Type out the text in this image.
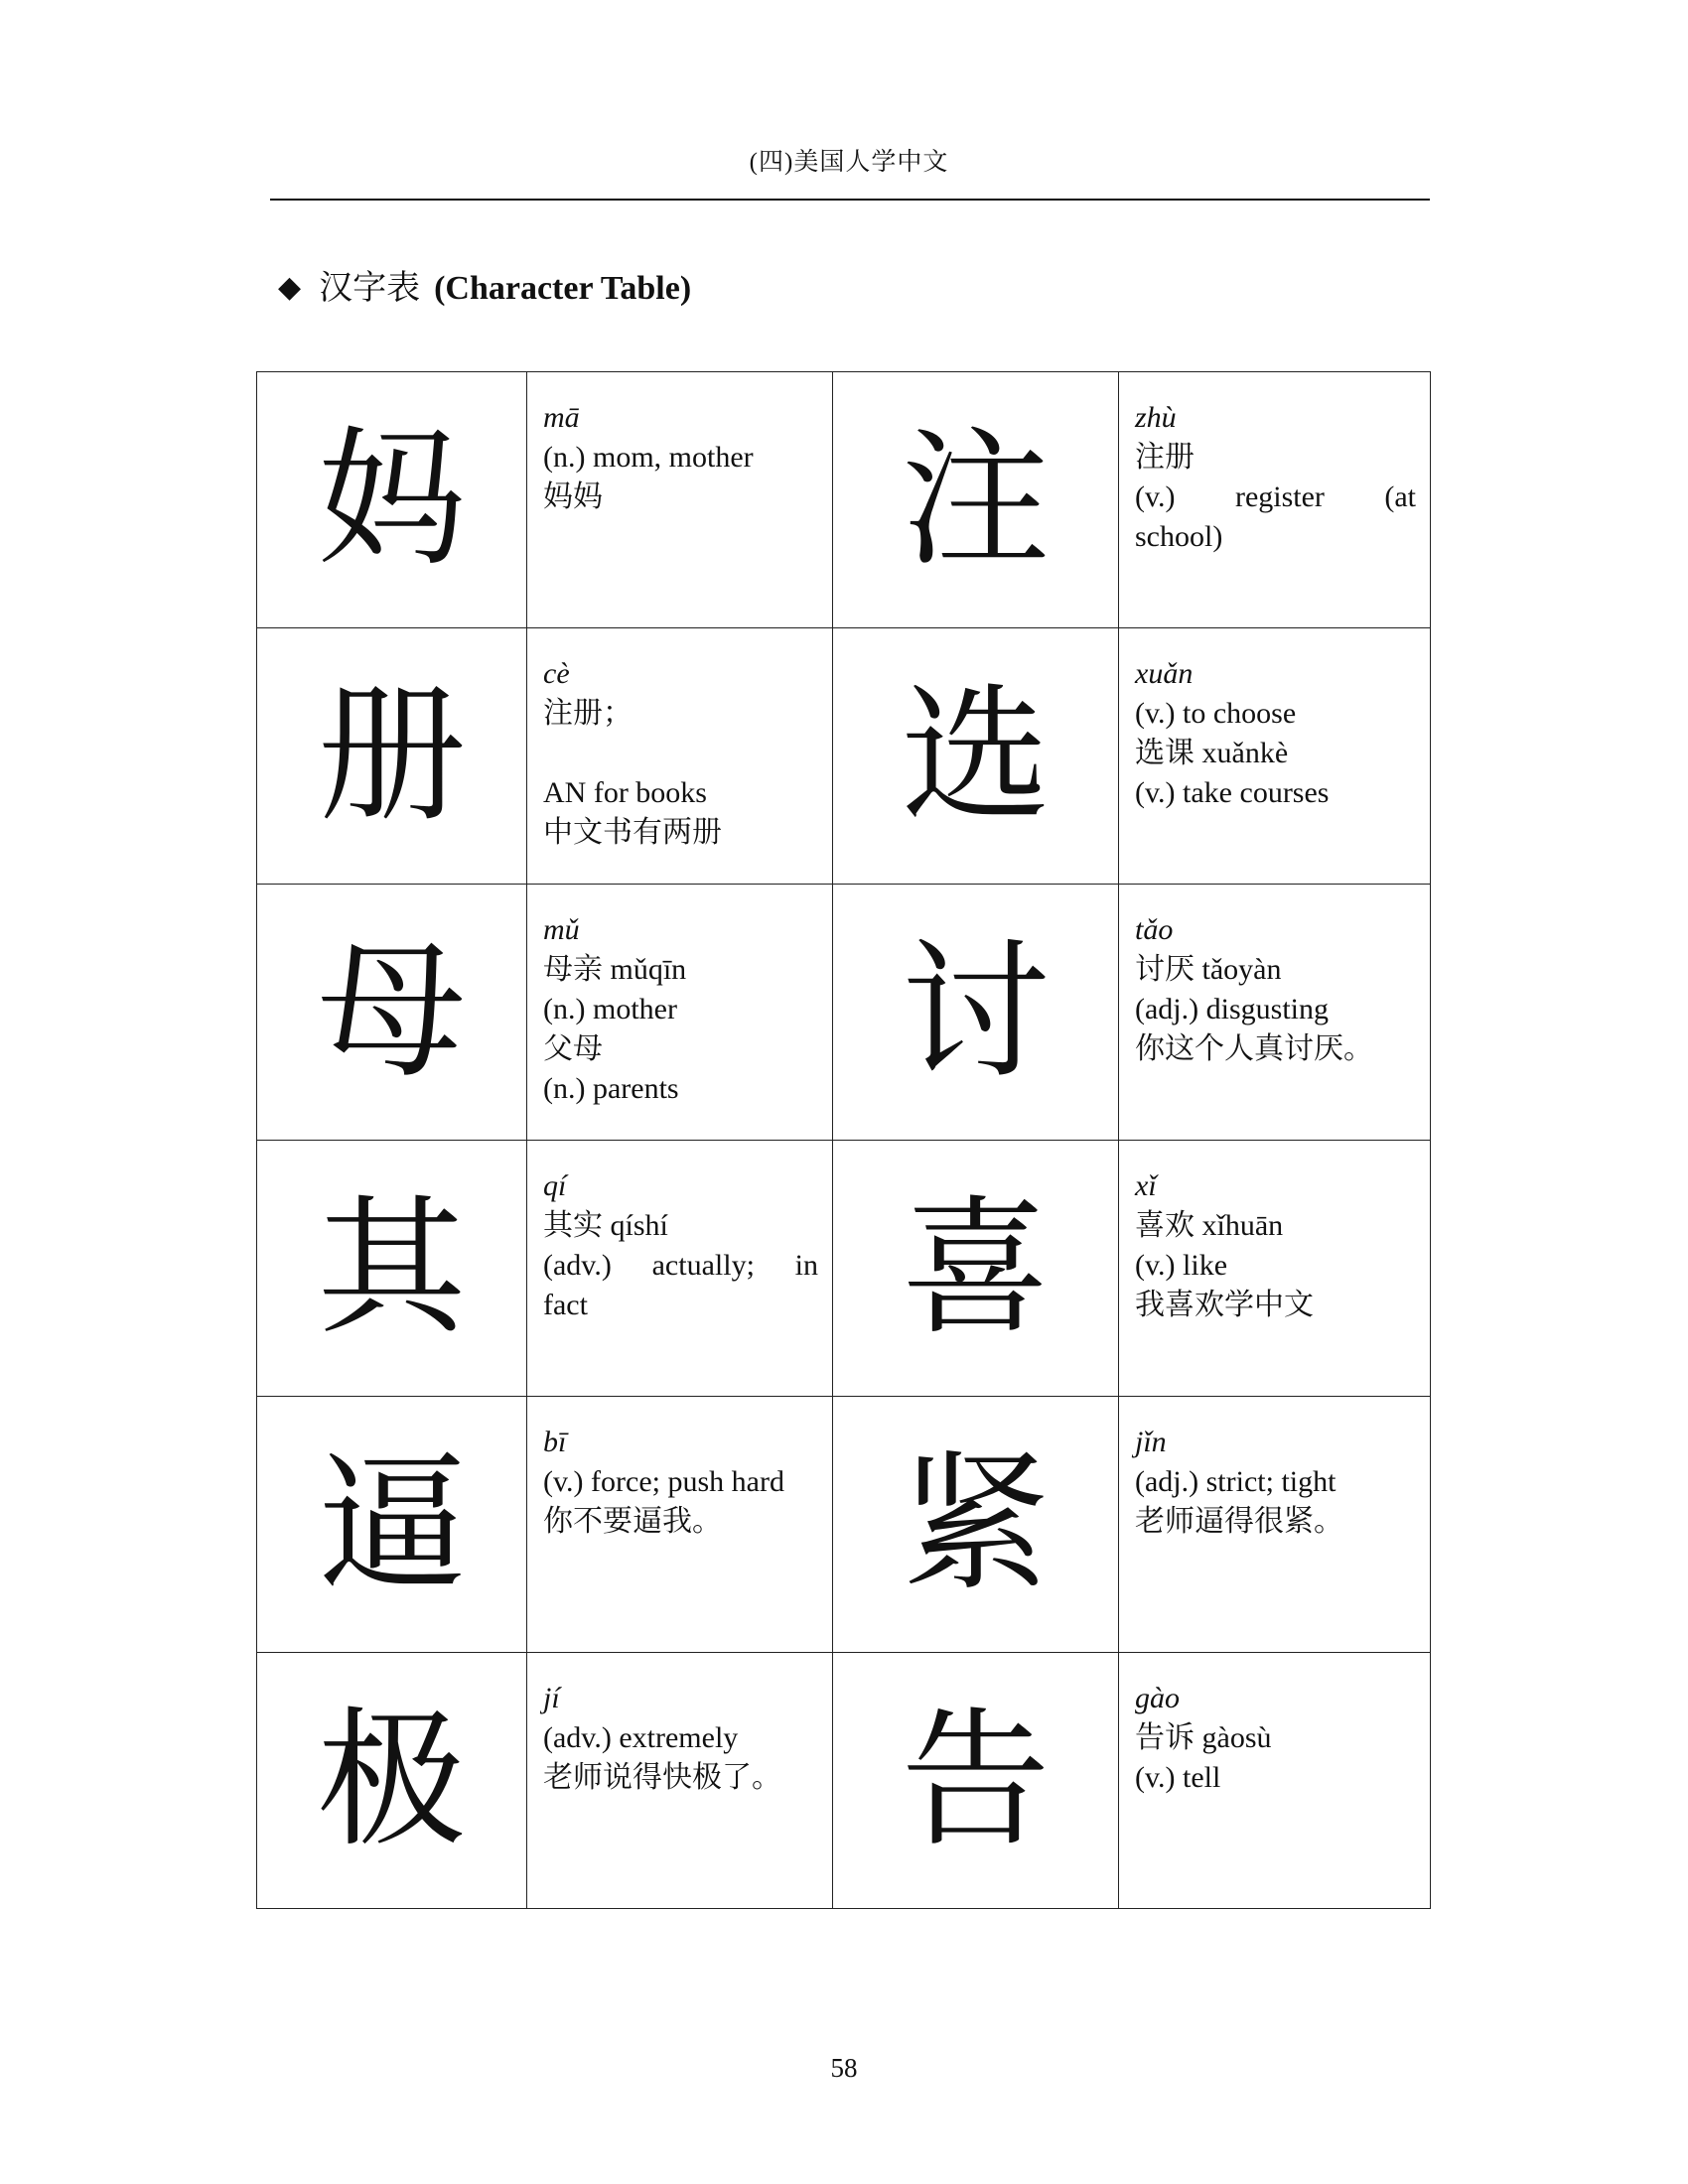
(四)美国人学中文
◆ 汉字表 (Character Table)
妈	mā
(n.) mom, mother
妈妈	注	zhù
注册
(v.) register (at
school)

册	cè
注册；
AN for books
中文书有两册	选	xuǎn
(v.) to choose
选课 xuǎnkè
(v.) take courses

母	mǔ
母亲 mǔqīn
(n.) mother
父母
(n.) parents	讨	tǎo
讨厌 tǎoyàn
(adj.) disgusting
你这个人真讨厌。

其	qí
其实 qíshí
(adv.) actually; in
fact	喜	xǐ
喜欢 xǐhuān
(v.) like
我喜欢学中文

逼	bī
(v.) force; push hard
你不要逼我。	紧	jǐn
(adj.) strict; tight
老师逼得很紧。

极	jí
(adv.) extremely
老师说得快极了。	告	gào
告诉 gàosù
(v.) tell
58
